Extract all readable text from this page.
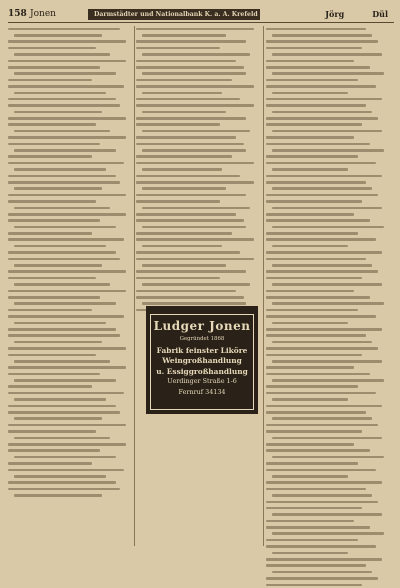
158 Jonen	Darmstädter und Nationalbank K. a. A. Krefeld	Jörg	Dül
Ludger Jonen
Gegründet 1868
Fabrik feinster Liköre
Weingroßhandlung
u. Essiggroßhandlung
Uerdinger Straße 1-6
Fernruf 34134
